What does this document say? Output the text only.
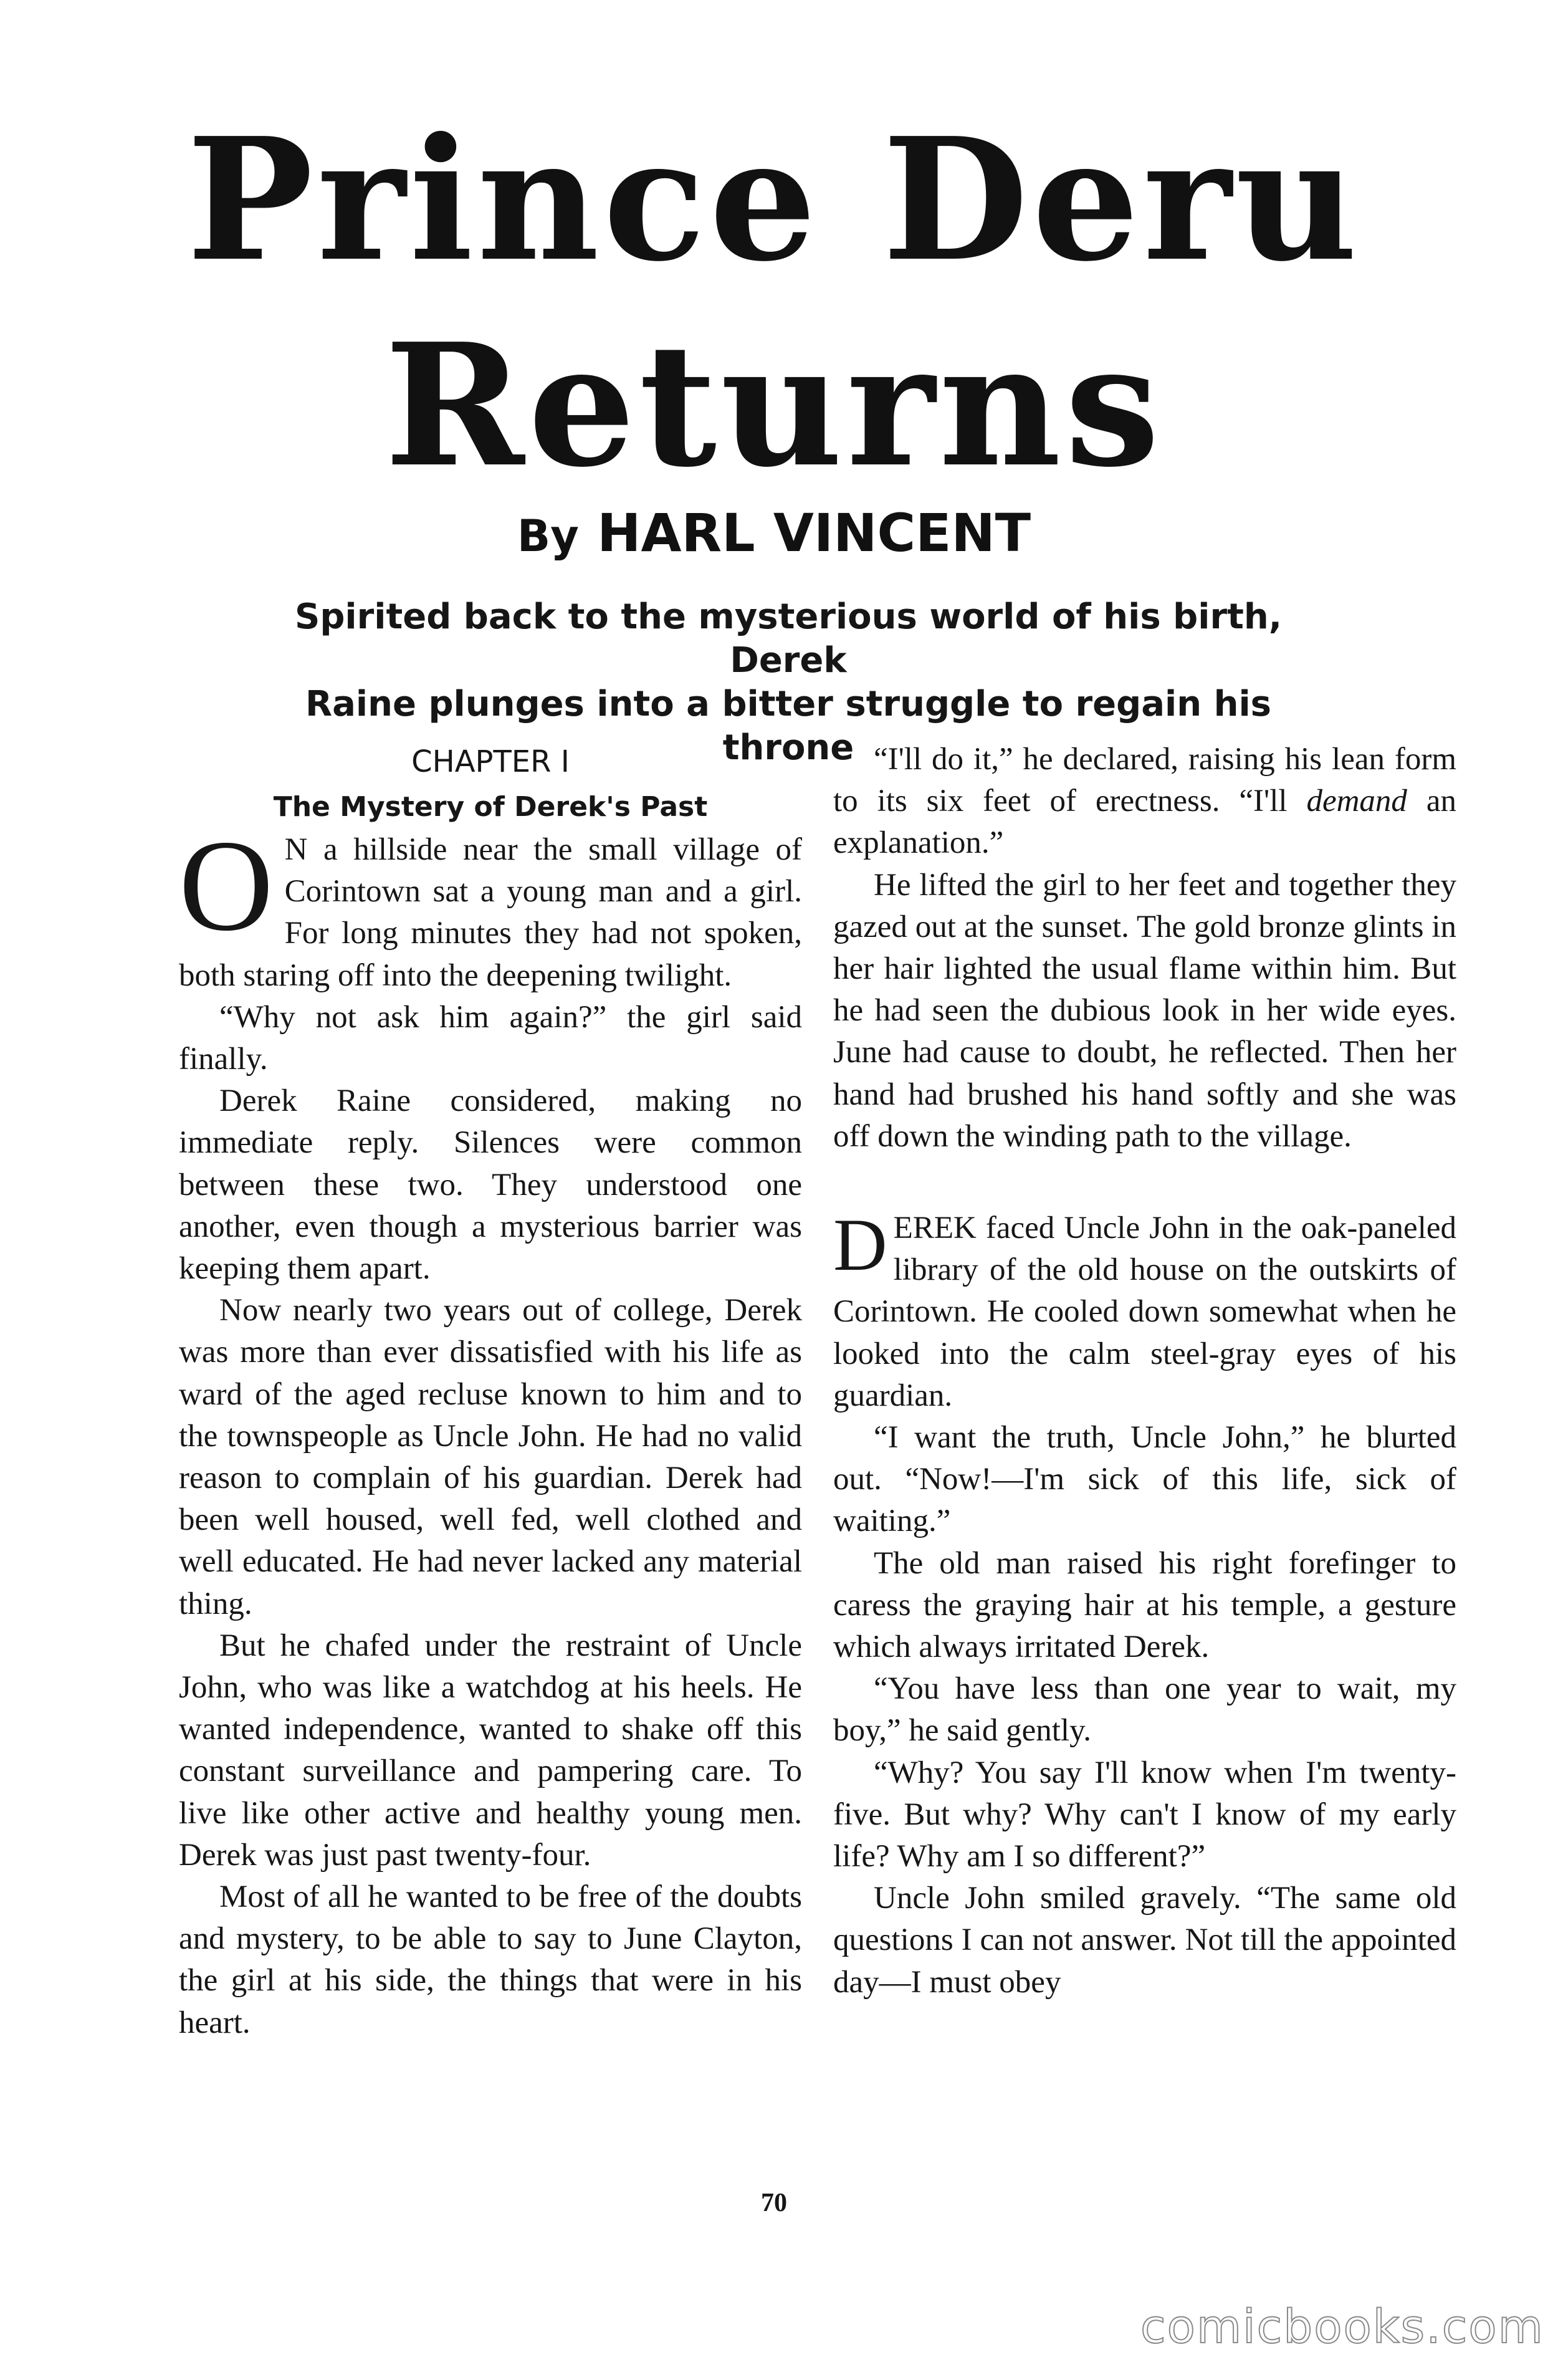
Prince Deru
Returns
By HARL VINCENT
Spirited back to the mysterious world of his birth, Derek
Raine plunges into a bitter struggle to regain his throne

CHAPTER I

The Mystery of Derek's Past

O N a hillside near the small village of Corintown sat a young man and a girl. For long minutes they had not spoken, both staring off into the deepening twilight.

“Why not ask him again?” the girl said finally.

Derek Raine considered, making no immediate reply. Silences were common between these two. They understood one another, even though a mysterious barrier was keeping them apart.

Now nearly two years out of college, Derek was more than ever dissatisfied with his life as ward of the aged recluse known to him and to the townspeople as Uncle John. He had no valid reason to complain of his guardian. Derek had been well housed, well fed, well clothed and well educated. He had never lacked any material thing.

But he chafed under the restraint of Uncle John, who was like a watchdog at his heels. He wanted independence, wanted to shake off this constant surveillance and pampering care. To live like other active and healthy young men. Derek was just past twenty-four.

Most of all he wanted to be free of the doubts and mystery, to be able to say to June Clayton, the girl at his side, the things that were in his heart.

“I'll do it,” he declared, raising his lean form to its six feet of erectness. “I'll demand an explanation.”

He lifted the girl to her feet and together they gazed out at the sunset. The gold bronze glints in her hair lighted the usual flame within him. But he had seen the dubious look in her wide eyes. June had cause to doubt, he reflected. Then her hand had brushed his hand softly and she was off down the winding path to the village.

DEREK faced Uncle John in the oak-paneled library of the old house on the outskirts of Corintown. He cooled down somewhat when he looked into the calm steel-gray eyes of his guardian.

“I want the truth, Uncle John,” he blurted out. “Now!—I'm sick of this life, sick of waiting.”

The old man raised his right forefinger to caress the graying hair at his temple, a gesture which always irritated Derek.

“You have less than one year to wait, my boy,” he said gently.

“Why? You say I'll know when I'm twenty-five. But why? Why can't I know of my early life? Why am I so different?”

Uncle John smiled gravely. “The same old questions I can not answer. Not till the appointed day—I must obey

70
comicbooks.com
